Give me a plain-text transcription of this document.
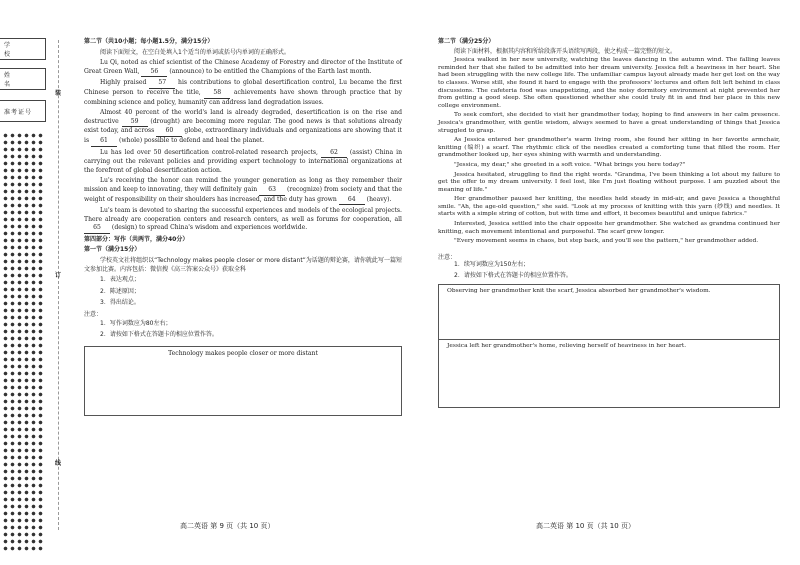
学 校
姓 名
准考证号
装
订
线
第二节（共10小题；每小题1.5分，满分15分）
阅读下面短文，在空白处填入1个适当的单词或括号内单词的正确形式。
Lu Qi, noted as chief scientist of the Chinese Academy of Forestry and director of the Institute of Great Green Wall, 56 (announce) to be entitled the Champions of the Earth last month.
Highly praised 57 his contributions to global desertification control, Lu became the first Chinese person to receive the title, 58 achievements have shown through practice that by combining science and policy, humanity can address land degradation issues.
Almost 40 percent of the world's land is already degraded, desertification is on the rise and destructive 59 (drought) are becoming more regular. The good news is that solutions already exist today, and across 60 globe, extraordinary individuals and organizations are showing that it is 61 (whole) possible to defend and heal the planet.
Lu has led over 50 desertification control-related research projects, 62 (assist) China in carrying out the relevant policies and providing expert technology to international organizations at the forefront of global desertification action.
Lu's receiving the honor can remind the younger generation as long as they remember their mission and keep to innovating, they will definitely gain 63 (recognize) from society and that the weight of responsibility on their shoulders has increased, and the duty has grown 64 (heavy).
Lu's team is devoted to sharing the successful experiences and models of the ecological projects. There already are cooperation centers and research centers, as well as forums for cooperation, all 65 (design) to spread China's wisdom and experiences worldwide.
第四部分：写作（共两节，满分40分）
第一节（满分15分）
学校英文社将组织以“Technology makes people closer or more distant”为话题的辩论赛，请你就此写一篇短文参加比赛。内容包括：微信搜《高三答案公众号》获取全科
1．表达观点；
2．陈述原因；
3．得出结论。
注意：
1．写作词数应为80左右；
2．请按如下格式在答题卡的相应位置作答。
Technology makes people closer or more distant
第二节（满分25分）
阅读下面材料，根据其内容和所给段落开头语续写两段，使之构成一篇完整的短文。
Jessica walked in her new university, watching the leaves dancing in the autumn wind. The falling leaves reminded her that she failed to be admitted into her dream university. Jessica felt a heaviness in her heart. She had been struggling with the new college life. The unfamiliar campus layout already made her get lost on the way to classes. Worse still, she found it hard to engage with the professors' lectures and often felt left behind in class discussions. The cafeteria food was unappetizing, and the noisy dormitory environment at night prevented her from getting a good sleep. She often questioned whether she could truly fit in and find her place in this new college environment.
To seek comfort, she decided to visit her grandmother today, hoping to find answers in her calm presence. Jessica's grandmother, with gentle wisdom, always seemed to have a great understanding of things that Jessica struggled to grasp.
As Jessica entered her grandmother's warm living room, she found her sitting in her favorite armchair, knitting (编织) a scarf. The rhythmic click of the needles created a comforting tune that filled the room. Her grandmother looked up, her eyes shining with warmth and understanding.
"Jessica, my dear," she greeted in a soft voice. "What brings you here today?"
Jessica hesitated, struggling to find the right words. "Grandma, I've been thinking a lot about my failure to get the offer to my dream university. I feel lost, like I'm just floating without purpose. I am puzzled about the meaning of life."
Her grandmother paused her knitting, the needles held steady in mid-air, and gave Jessica a thoughtful smile. "Ah, the age-old question," she said. "Look at my process of knitting with this yarn (纱线) and needles. It starts with a simple string of cotton, but with time and effort, it becomes beautiful and unique fabrics."
Interested, Jessica settled into the chair opposite her grandmother. She watched as grandma continued her knitting, each movement intentional and purposeful. The scarf grew longer.
"Every movement seems in chaos, but step back, and you'll see the pattern," her grandmother added.
注意：
1．续写词数应为150左右；
2．请按如下格式在答题卡的相应位置作答。
Observing her grandmother knit the scarf, Jessica absorbed her grandmother's wisdom.
Jessica left her grandmother's home, relieving herself of heaviness in her heart.
高二英语 第 9 页（共 10 页）	高二英语 第 10 页（共 10 页）
